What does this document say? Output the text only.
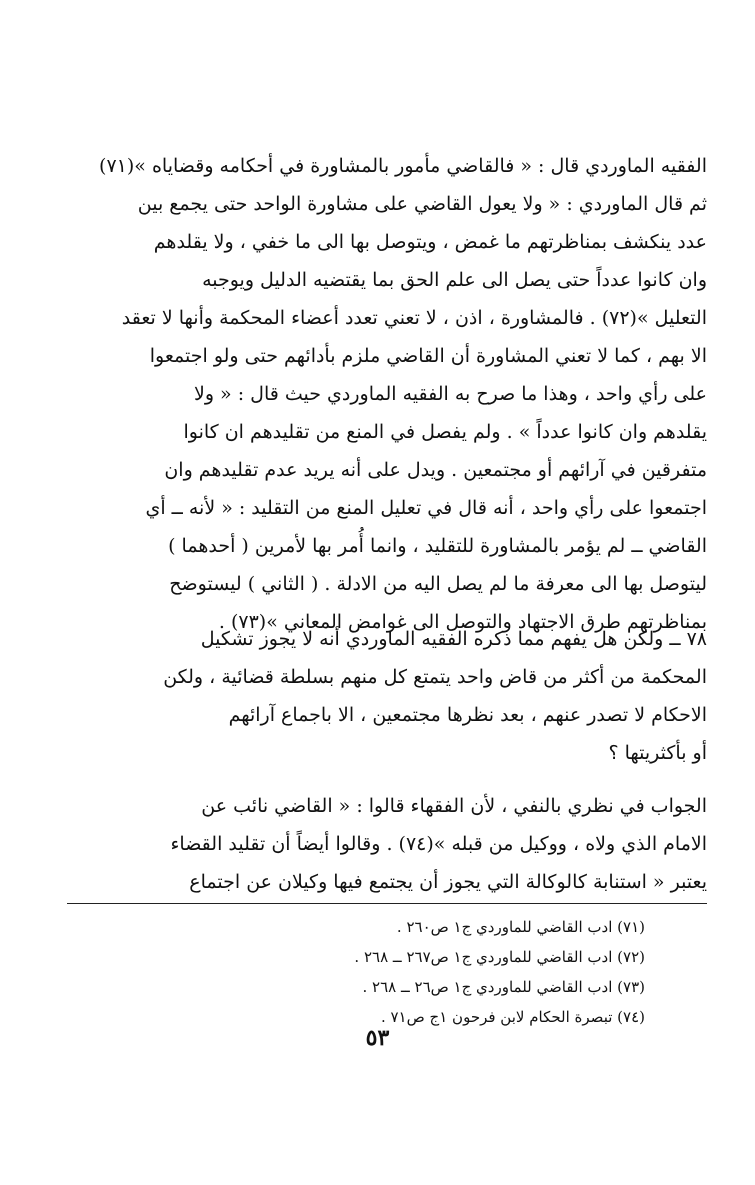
الفقيه الماوردي قال : « فالقاضي مأمور بالمشاورة في أحكامه وقضاياه »(٧١)
ثم قال الماوردي : « ولا يعول القاضي على مشاورة الواحد حتى يجمع بين
عدد ينكشف بمناظرتهم ما غمض ، ويتوصل بها الى ما خفي ، ولا يقلدهم
وان كانوا عدداً حتى يصل الى علم الحق بما يقتضيه الدليل ويوجبه
التعليل »(٧٢) . فالمشاورة ، اذن ، لا تعني تعدد أعضاء المحكمة وأنها لا تعقد
الا بهم ، كما لا تعني المشاورة أن القاضي ملزم بأدائهم حتى ولو اجتمعوا
على رأي واحد ، وهذا ما صرح به الفقيه الماوردي حيث قال : « ولا
يقلدهم وان كانوا عدداً » . ولم يفصل في المنع من تقليدهم ان كانوا
متفرقين في آرائهم أو مجتمعين . ويدل على أنه يريد عدم تقليدهم وان
اجتمعوا على رأي واحد ، أنه قال في تعليل المنع من التقليد : « لأنه ــ أي
القاضي ــ لم يؤمر بالمشاورة للتقليد ، وانما أُمر بها لأمرين ( أحدهما )
ليتوصل بها الى معرفة ما لم يصل اليه من الادلة . ( الثاني ) ليستوضح
بمناظرتهم طرق الاجتهاد والتوصل الى غوامض المعاني »(٧٣) .
٧٨ ــ ولكن هل يفهم مما ذكره الفقيه الماوردي أنه لا يجوز تشكيل
المحكمة من أكثر من قاض واحد يتمتع كل منهم بسلطة قضائية ، ولكن
الاحكام لا تصدر عنهم ، بعد نظرها مجتمعين ، الا باجماع آرائهم
أو بأكثريتها ؟
الجواب في نظري بالنفي ، لأن الفقهاء قالوا : « القاضي نائب عن
الامام الذي ولاه ، ووكيل من قبله »(٧٤) . وقالوا أيضاً أن تقليد القضاء
يعتبر « استنابة كالوكالة التي يجوز أن يجتمع فيها وكيلان عن اجتماع
(٧١) ادب القاضي للماوردي ج١ ص٢٦٠ .
(٧٢) ادب القاضي للماوردي ج١ ص٢٦٧ ــ ٢٦٨ .
(٧٣) ادب القاضي للماوردي ج١ ص٢٦ ــ ٢٦٨ .
(٧٤) تبصرة الحكام لابن فرحون ١ج ص٧١ .
٥٣
